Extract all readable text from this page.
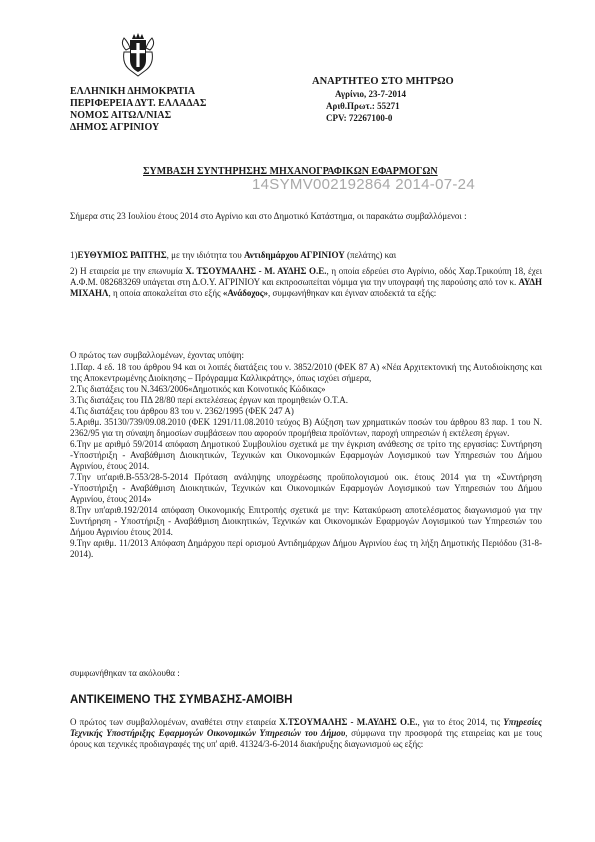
ΕΛΛΗΝΙΚΗ ΔΗΜΟΚΡΑΤΙΑ
ΠΕΡΙΦΕΡΕΙΑ ΔΥΤ. ΕΛΛΑΔΑΣ
ΝΟΜΟΣ ΑΙΤΩΛ/ΝΙΑΣ
ΔΗΜΟΣ ΑΓΡΙΝΙΟΥ
ΑΝΑΡΤΗΤΕΟ ΣΤΟ ΜΗΤΡΩΟ
Αγρίνιο, 23-7-2014
Αριθ.Πρωτ.: 55271
CPV: 72267100-0
ΣΥΜΒΑΣΗ ΣΥΝΤΗΡΗΣΗΣ ΜΗΧΑΝΟΓΡΑΦΙΚΩΝ ΕΦΑΡΜΟΓΩΝ
14SYMV002192864 2014-07-24

Σήμερα στις 23 Ιουλίου έτους 2014 στο Αγρίνιο και στο Δημοτικό Κατάστημα, οι παρακάτω συμβαλλόμενοι :

1)ΕΥΘΥΜΙΟΣ ΡΑΠΤΗΣ, με την ιδιότητα του Αντιδημάρχου ΑΓΡΙΝΙΟΥ (πελάτης) και

2) Η εταιρεία με την επωνυμία Χ. ΤΣΟΥΜΑΛΗΣ - Μ. ΑΥΔΗΣ Ο.Ε., η οποία εδρεύει στο Αγρίνιο, οδός Χαρ.Τρικούπη 18, έχει Α.Φ.Μ. 082683269 υπάγεται στη Δ.Ο.Υ. ΑΓΡΙΝΙΟΥ και εκπροσωπείται νόμιμα για την υπογραφή της παρούσης από τον κ. ΑΥΔΗ ΜΙΧΑΗΛ, η οποία αποκαλείται στο εξής «Ανάδοχος», συμφωνήθηκαν και έγιναν αποδεκτά τα εξής:

Ο πρώτος των συμβαλλομένων, έχοντας υπόψη:

1.Παρ. 4 εδ. 18 του άρθρου 94 και οι λοιπές διατάξεις του ν. 3852/2010 (ΦΕΚ 87 Α) «Νέα Αρχιτεκτονική της Αυτοδιοίκησης και της Αποκεντρωμένης Διοίκησης – Πρόγραμμα Καλλικράτης», όπως ισχύει σήμερα,

2.Τις διατάξεις του Ν.3463/2006«Δημοτικός και Κοινοτικός Κώδικας»

3.Τις διατάξεις του ΠΔ 28/80 περί εκτελέσεως έργων και προμηθειών Ο.Τ.Α.

4.Τις διατάξεις του άρθρου 83 του ν. 2362/1995 (ΦΕΚ 247 Α)

5.Αριθμ. 35130/739/09.08.2010 (ΦΕΚ 1291/11.08.2010 τεύχος Β) Αύξηση των χρηματικών ποσών του άρθρου 83 παρ. 1 του Ν. 2362/95 για τη σύναψη δημοσίων συμβάσεων που αφορούν προμήθεια προϊόντων, παροχή υπηρεσιών ή εκτέλεση έργων.

6.Την με αριθμό 59/2014 απόφαση Δημοτικού Συμβουλίου σχετικά με την έγκριση ανάθεσης σε τρίτο της εργασίας: Συντήρηση -Υποστήριξη - Αναβάθμιση Διοικητικών, Τεχνικών και Οικονομικών Εφαρμογών Λογισμικού των Υπηρεσιών του Δήμου Αγρινίου, έτους 2014.

7.Την υπ'αριθ.Β-553/28-5-2014 Πρόταση ανάληψης υποχρέωσης προϋπολογισμού οικ. έτους 2014 για τη «Συντήρηση -Υποστήριξη - Αναβάθμιση Διοικητικών, Τεχνικών και Οικονομικών Εφαρμογών Λογισμικού των Υπηρεσιών του Δήμου Αγρινίου, έτους 2014»

8.Την υπ'αριθ.192/2014 απόφαση Οικονομικής Επιτροπής σχετικά με την: Κατακύρωση αποτελέσματος διαγωνισμού για την Συντήρηση - Υποστήριξη - Αναβάθμιση Διοικητικών, Τεχνικών και Οικονομικών Εφαρμογών Λογισμικού των Υπηρεσιών του Δήμου Αγρινίου έτους 2014.

9.Την αριθμ. 11/2013 Απόφαση Δημάρχου περί ορισμού Αντιδημάρχων Δήμου Αγρινίου έως τη λήξη Δημοτικής Περιόδου (31-8-2014).

συμφωνήθηκαν τα ακόλουθα :

ΑΝΤΙΚΕΙΜΕΝΟ ΤΗΣ ΣΥΜΒΑΣΗΣ-ΑΜΟΙΒΗ

Ο πρώτος των συμβαλλομένων, αναθέτει στην εταιρεία Χ.ΤΣΟΥΜΑΛΗΣ - Μ.ΑΥΔΗΣ Ο.Ε., για το έτος 2014, τις Υπηρεσίες Τεχνικής Υποστήριξης Εφαρμογών Οικονομικών Υπηρεσιών του Δήμου, σύμφωνα την προσφορά της εταιρείας και με τους όρους και τεχνικές προδιαγραφές της υπ' αριθ. 41324/3-6-2014 διακήρυξης διαγωνισμού ως εξής:
